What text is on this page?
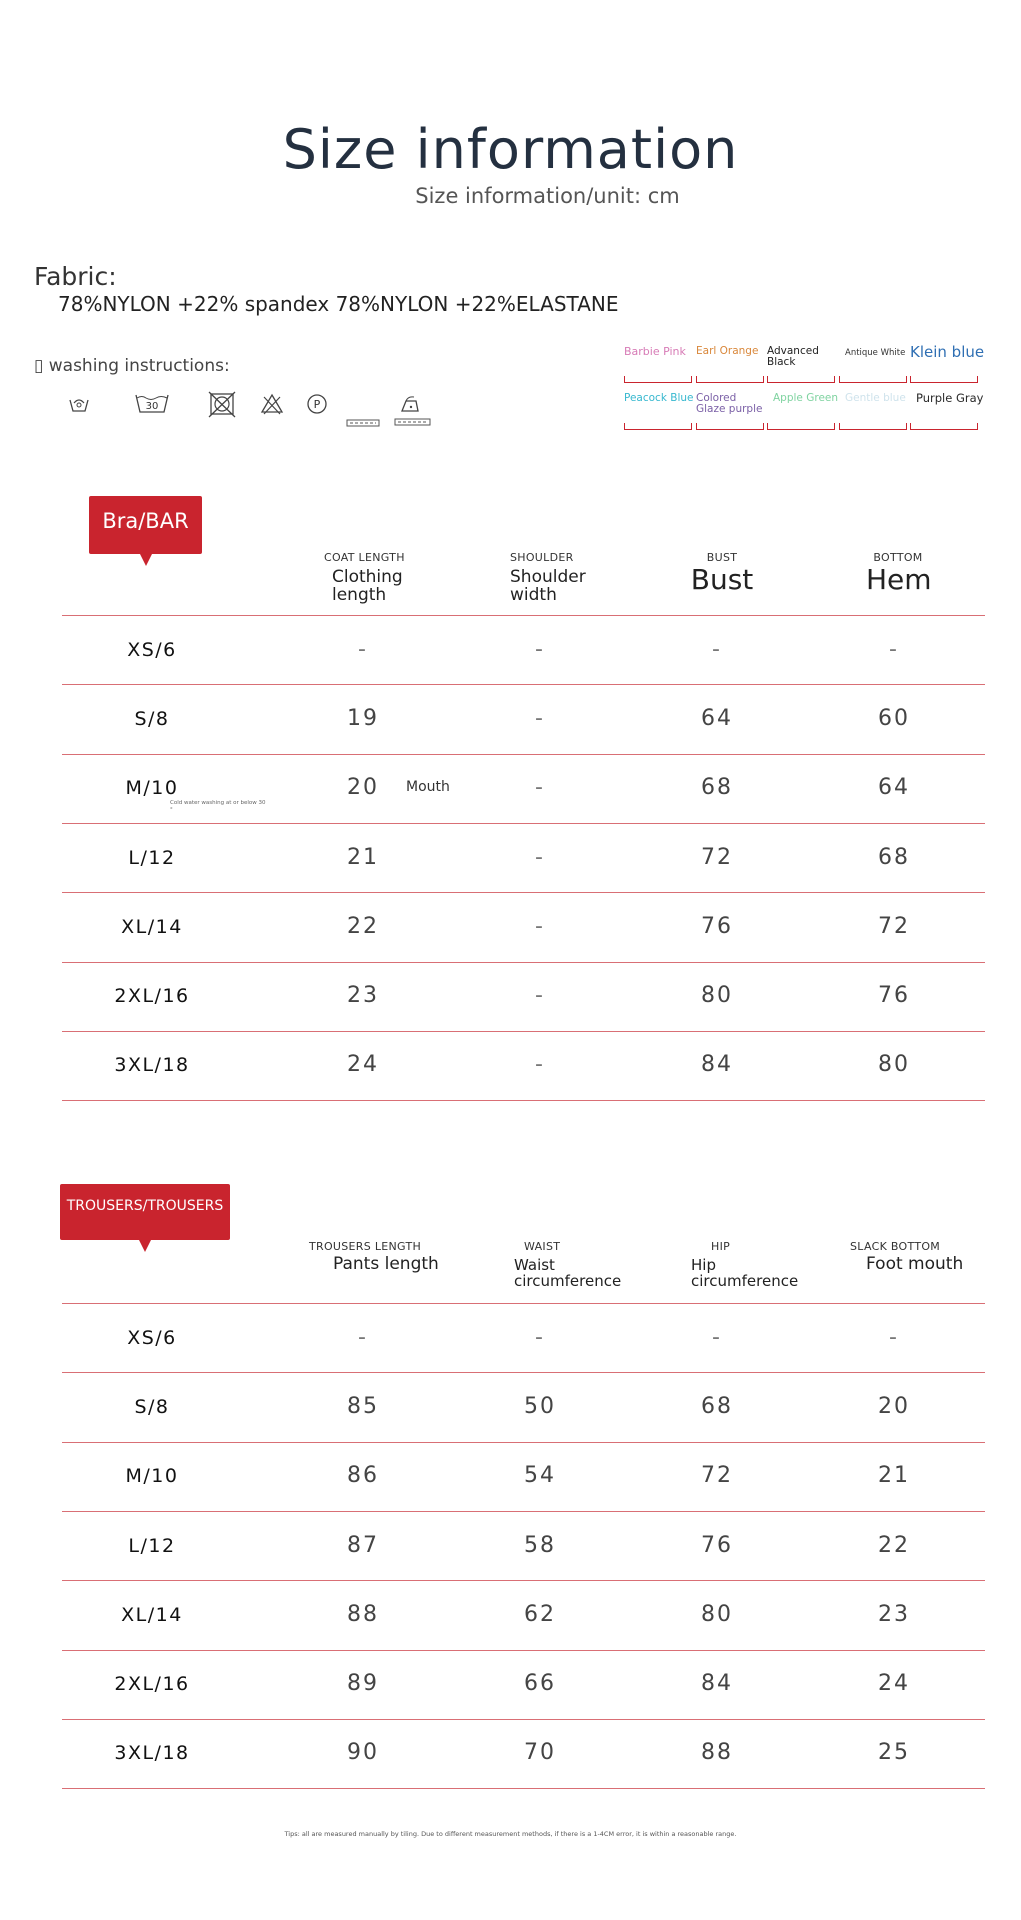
Size information
Size information/unit: cm
Fabric:
78%NYLON +22% spandex 78%NYLON +22%ELASTANE
▯ washing instructions:
30
Cold water washing at or below 30 °
P
Mouth
Barbie Pink Earl Orange Advanced Black
Antique White Klein blue
Peacock Blue Colored Glaze purple
Apple Green Gentle blue Purple Gray
Bra/BAR
COAT LENGTH
Clothing length
SHOULDER
Shoulder width
BUST
Bust
BOTTOM
Hem
XS/6	-	-	-	-
S/8	19	-	64	60
M/10	20	-	68	64
L/12	21	-	72	68
XL/14	22	-	76	72
2XL/16	23	-	80	76
3XL/18	24	-	84	80
TROUSERS/TROUSERS
TROUSERS LENGTH
Pants length
WAIST
Waist circumference
HIP
Hip circumference
SLACK BOTTOM
Foot mouth
XS/6	-	-	-	-
S/8	85	50	68	20
M/10	86	54	72	21
L/12	87	58	76	22
XL/14	88	62	80	23
2XL/16	89	66	84	24
3XL/18	90	70	88	25
Tips: all are measured manually by tiling. Due to different measurement methods, if there is a 1-4CM error, it is within a reasonable range.
